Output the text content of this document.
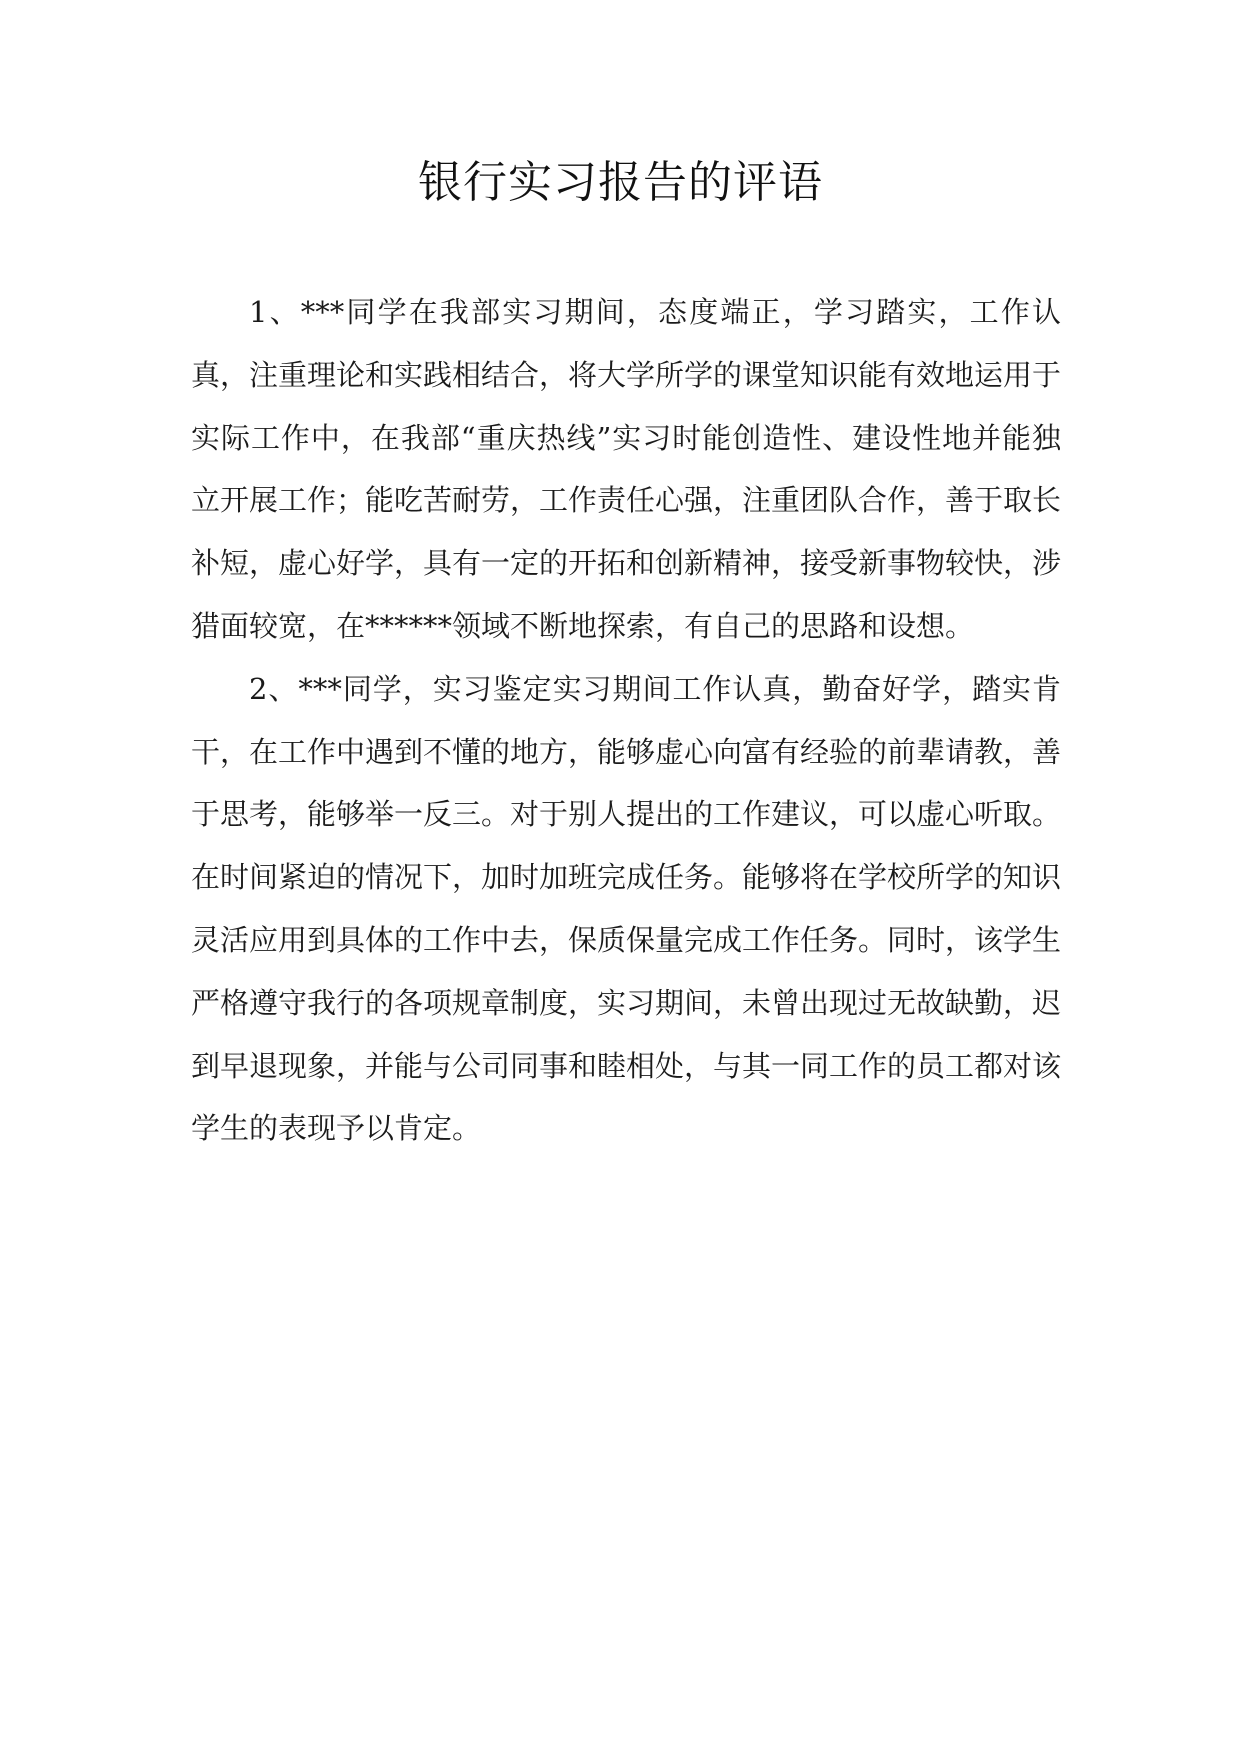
银行实习报告的评语

1、***同学在我部实习期间，态度端正，学习踏实，工作认真，注重理论和实践相结合，将大学所学的课堂知识能有效地运用于实际工作中，在我部“重庆热线”实习时能创造性、建设性地并能独立开展工作；能吃苦耐劳，工作责任心强，注重团队合作，善于取长补短，虚心好学，具有一定的开拓和创新精神，接受新事物较快，涉猎面较宽，在******领域不断地探索，有自己的思路和设想。

2、***同学，实习鉴定实习期间工作认真，勤奋好学，踏实肯干，在工作中遇到不懂的地方，能够虚心向富有经验的前辈请教，善于思考，能够举一反三。对于别人提出的工作建议，可以虚心听取。在时间紧迫的情况下，加时加班完成任务。能够将在学校所学的知识灵活应用到具体的工作中去，保质保量完成工作任务。同时，该学生严格遵守我行的各项规章制度，实习期间，未曾出现过无故缺勤，迟到早退现象，并能与公司同事和睦相处，与其一同工作的员工都对该学生的表现予以肯定。
